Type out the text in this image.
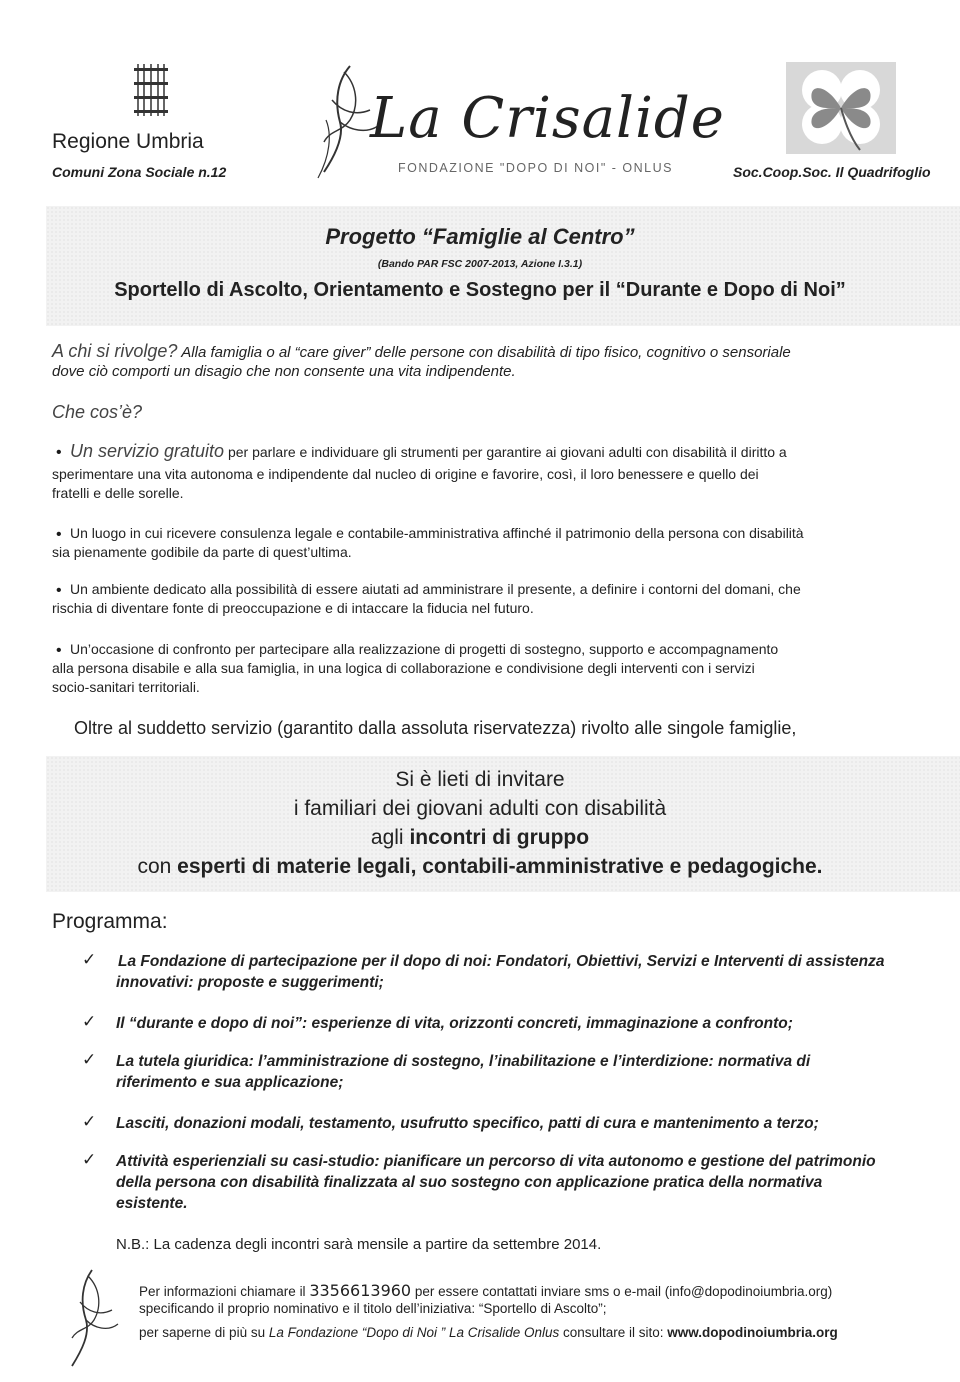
Regione Umbria
Comuni Zona Sociale n.12
La Crisalide
FONDAZIONE "DOPO DI NOI" - ONLUS	Soc.Coop.Soc. Il Quadrifoglio
Progetto “Famiglie al Centro”
(Bando PAR FSC 2007-2013, Azione I.3.1)
Sportello di Ascolto, Orientamento e Sostegno per il “Durante e Dopo di Noi”
A chi si rivolge? Alla famiglia o al “care giver” delle persone con disabilità di tipo fisico, cognitivo o sensoriale
dove ciò comporti un disagio che non consente una vita indipendente.
Che cos’è?
• Un servizio gratuito per parlare e individuare gli strumenti per garantire ai giovani adulti con disabilità il diritto a
sperimentare una vita autonoma e indipendente dal nucleo di origine e favorire, così, il loro benessere e quello dei
fratelli e delle sorelle.
• Un luogo in cui ricevere consulenza legale e contabile-amministrativa affinché il patrimonio della persona con disabilità
sia pienamente godibile da parte di quest’ultima.
• Un ambiente dedicato alla possibilità di essere aiutati ad amministrare il presente, a definire i contorni del domani, che
rischia di diventare fonte di preoccupazione e di intaccare la fiducia nel futuro.
• Un’occasione di confronto per partecipare alla realizzazione di progetti di sostegno, supporto e accompagnamento
alla persona disabile e alla sua famiglia, in una logica di collaborazione e condivisione degli interventi con i servizi
socio-sanitari territoriali.
Oltre al suddetto servizio (garantito dalla assoluta riservatezza) rivolto alle singole famiglie,
Si è lieti di invitare
i familiari dei giovani adulti con disabilità
agli incontri di gruppo
con esperti di materie legali, contabili-amministrative e pedagogiche.
Programma:
✓ La Fondazione di partecipazione per il dopo di noi: Fondatori, Obiettivi, Servizi e Interventi di assistenza
innovativi: proposte e suggerimenti;
✓ Il “durante e dopo di noi”: esperienze di vita, orizzonti concreti, immaginazione a confronto;
✓ La tutela giuridica: l’amministrazione di sostegno, l’inabilitazione e l’interdizione: normativa di
riferimento e sua applicazione;
✓ Lasciti, donazioni modali, testamento, usufrutto specifico, patti di cura e mantenimento a terzo;
✓ Attività esperienziali su casi-studio: pianificare un percorso di vita autonomo e gestione del patrimonio
della persona con disabilità finalizzata al suo sostegno con applicazione pratica della normativa
esistente.
N.B.: La cadenza degli incontri sarà mensile a partire da settembre 2014.
Per informazioni chiamare il 3356613960 per essere contattati inviare sms o e-mail (info@dopodinoiumbria.org)
specificando il proprio nominativo e il titolo dell’iniziativa: “Sportello di Ascolto”;
per saperne di più su La Fondazione “Dopo di Noi ” La Crisalide Onlus consultare il sito: www.dopodinoiumbria.org
